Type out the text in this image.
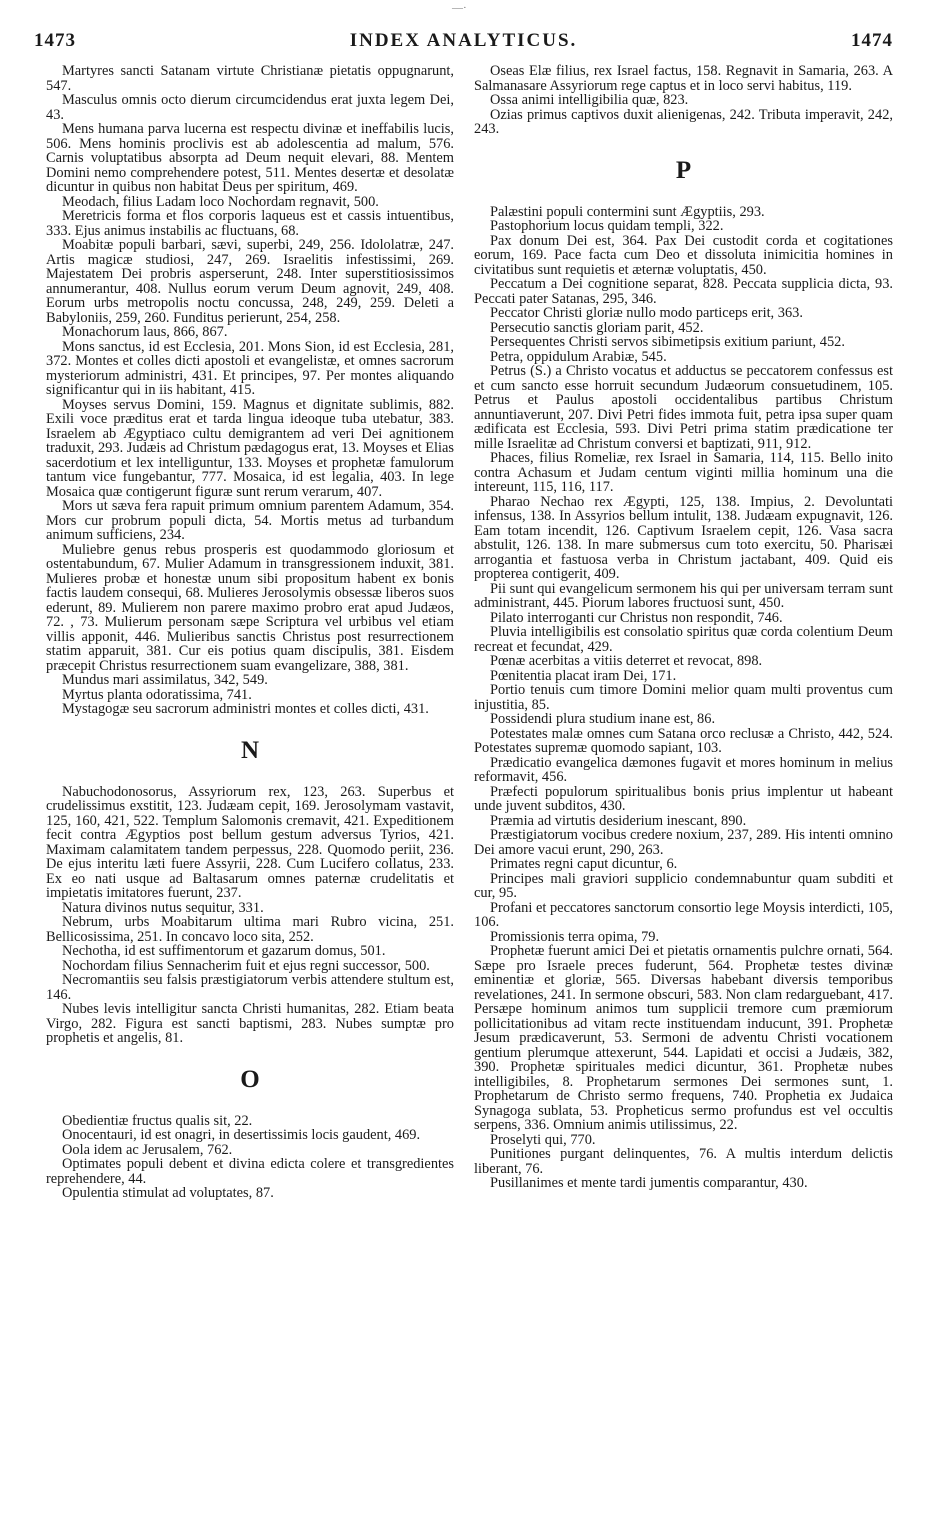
—·
INDEX ANALYTICUS.
1473	1474

Martyres sancti Satanam virtute Christianæ pietatis oppugnarunt, 547.

Masculus omnis octo dierum circumcidendus erat juxta legem Dei, 43.

Mens humana parva lucerna est respectu divinæ et ineffabilis lucis, 506. Mens hominis proclivis est ab adolescentia ad malum, 576. Carnis voluptatibus absorpta ad Deum nequit elevari, 88. Mentem Domini nemo comprehendere potest, 511. Mentes desertæ et desolatæ dicuntur in quibus non habitat Deus per spiritum, 469.

Meodach, filius Ladam loco Nochordam regnavit, 500.

Meretricis forma et flos corporis laqueus est et cassis intuentibus, 333. Ejus animus instabilis ac fluctuans, 68.

Moabitæ populi barbari, sævi, superbi, 249, 256. Idololatræ, 247. Artis magicæ studiosi, 247, 269. Israelitis infestissimi, 269. Majestatem Dei probris asperserunt, 248. Inter superstitiosissimos annumerantur, 408. Nullus eorum verum Deum agnovit, 249, 408. Eorum urbs metropolis noctu concussa, 248, 249, 259. Deleti a Babyloniis, 259, 260. Funditus perierunt, 254, 258.

Monachorum laus, 866, 867.

Mons sanctus, id est Ecclesia, 201. Mons Sion, id est Ecclesia, 281, 372. Montes et colles dicti apostoli et evangelistæ, et omnes sacrorum mysteriorum administri, 431. Et principes, 97. Per montes aliquando significantur qui in iis habitant, 415.

Moyses servus Domini, 159. Magnus et dignitate sublimis, 882. Exili voce præditus erat et tarda lingua ideoque tuba utebatur, 383. Israelem ab Ægyptiaco cultu demigrantem ad veri Dei agnitionem traduxit, 293. Judæis ad Christum pædagogus erat, 13. Moyses et Elias sacerdotium et lex intelliguntur, 133. Moyses et prophetæ famulorum tantum vice fungebantur, 777. Mosaica, id est legalia, 403. In lege Mosaica quæ contigerunt figuræ sunt rerum verarum, 407.

Mors ut sæva fera rapuit primum omnium parentem Adamum, 354. Mors cur probrum populi dicta, 54. Mortis metus ad turbandum animum sufficiens, 234.

Muliebre genus rebus prosperis est quodammodo gloriosum et ostentabundum, 67. Mulier Adamum in transgressionem induxit, 381. Mulieres probæ et honestæ unum sibi propositum habent ex bonis factis laudem consequi, 68. Mulieres Jerosolymis obsessæ liberos suos ederunt, 89. Mulierem non parere maximo probro erat apud Judæos, 72. , 73. Mulierum personam sæpe Scriptura vel urbibus vel etiam villis apponit, 446. Mulieribus sanctis Christus post resurrectionem statim apparuit, 381. Cur eis potius quam discipulis, 381. Eisdem præcepit Christus resurrectionem suam evangelizare, 388, 381.

Mundus mari assimilatus, 342, 549.

Myrtus planta odoratissima, 741.

Mystagogæ seu sacrorum administri montes et colles dicti, 431.

N

Nabuchodonosorus, Assyriorum rex, 123, 263. Superbus et crudelissimus exstitit, 123. Judæam cepit, 169. Jerosolymam vastavit, 125, 160, 421, 522. Templum Salomonis cremavit, 421. Expeditionem fecit contra Ægyptios post bellum gestum adversus Tyrios, 421. Maximam calamitatem tandem perpessus, 228. Quomodo periit, 236. De ejus interitu læti fuere Assyrii, 228. Cum Lucifero collatus, 233. Ex eo nati usque ad Baltasarum omnes paternæ crudelitatis et impietatis imitatores fuerunt, 237.

Natura divinos nutus sequitur, 331.

Nebrum, urbs Moabitarum ultima mari Rubro vicina, 251. Bellicosissima, 251. In concavo loco sita, 252.

Nechotha, id est suffimentorum et gazarum domus, 501.

Nochordam filius Sennacherim fuit et ejus regni successor, 500.

Necromantiis seu falsis præstigiatorum verbis attendere stultum est, 146.

Nubes levis intelligitur sancta Christi humanitas, 282. Etiam beata Virgo, 282. Figura est sancti baptismi, 283. Nubes sumptæ pro prophetis et angelis, 81.

O

Obedientiæ fructus qualis sit, 22.

Onocentauri, id est onagri, in desertissimis locis gaudent, 469.

Oola idem ac Jerusalem, 762.

Optimates populi debent et divina edicta colere et transgredientes reprehendere, 44.

Opulentia stimulat ad voluptates, 87.

Oseas Elæ filius, rex Israel factus, 158. Regnavit in Samaria, 263. A Salmanasare Assyriorum rege captus et in loco servi habitus, 119.

Ossa animi intelligibilia quæ, 823.

Ozias primus captivos duxit alienigenas, 242. Tributa imperavit, 242, 243.

P

Palæstini populi contermini sunt Ægyptiis, 293.

Pastophorium locus quidam templi, 322.

Pax donum Dei est, 364. Pax Dei custodit corda et cogitationes eorum, 169. Pace facta cum Deo et dissoluta inimicitia homines in civitatibus sunt requietis et æternæ voluptatis, 450.

Peccatum a Dei cognitione separat, 828. Peccata supplicia dicta, 93. Peccati pater Satanas, 295, 346.

Peccator Christi gloriæ nullo modo particeps erit, 363.

Persecutio sanctis gloriam parit, 452.

Persequentes Christi servos sibimetipsis exitium pariunt, 452.

Petra, oppidulum Arabiæ, 545.

Petrus (S.) a Christo vocatus et adductus se peccatorem confessus est et cum sancto esse horruit secundum Judæorum consuetudinem, 105. Petrus et Paulus apostoli occidentalibus partibus Christum annuntiaverunt, 207. Divi Petri fides immota fuit, petra ipsa super quam ædificata est Ecclesia, 593. Divi Petri prima statim prædicatione ter mille Israelitæ ad Christum conversi et baptizati, 911, 912.

Phaces, filius Romeliæ, rex Israel in Samaria, 114, 115. Bello inito contra Achasum et Judam centum viginti millia hominum una die intereunt, 115, 116, 117.

Pharao Nechao rex Ægypti, 125, 138. Impius, 2. Devoluntati infensus, 138. In Assyrios bellum intulit, 138. Judæam expugnavit, 126. Eam totam incendit, 126. Captivum Israelem cepit, 126. Vasa sacra abstulit, 126. 138. In mare submersus cum toto exercitu, 50. Pharisæi arrogantia et fastuosa verba in Christum jactabant, 409. Quid eis propterea contigerit, 409.

Pii sunt qui evangelicum sermonem his qui per universam terram sunt administrant, 445. Piorum labores fructuosi sunt, 450.

Pilato interroganti cur Christus non respondit, 746.

Pluvia intelligibilis est consolatio spiritus quæ corda colentium Deum recreat et fecundat, 429.

Pœnæ acerbitas a vitiis deterret et revocat, 898.

Pœnitentia placat iram Dei, 171.

Portio tenuis cum timore Domini melior quam multi proventus cum injustitia, 85.

Possidendi plura studium inane est, 86.

Potestates malæ omnes cum Satana orco reclusæ a Christo, 442, 524. Potestates supremæ quomodo sapiant, 103.

Prædicatio evangelica dæmones fugavit et mores hominum in melius reformavit, 456.

Præfecti populorum spiritualibus bonis prius implentur ut habeant unde juvent subditos, 430.

Præmia ad virtutis desiderium inescant, 890.

Præstigiatorum vocibus credere noxium, 237, 289. His intenti omnino Dei amore vacui erunt, 290, 263.

Primates regni caput dicuntur, 6.

Principes mali graviori supplicio condemnabuntur quam subditi et cur, 95.

Profani et peccatores sanctorum consortio lege Moysis interdicti, 105, 106.

Promissionis terra opima, 79.

Prophetæ fuerunt amici Dei et pietatis ornamentis pulchre ornati, 564. Sæpe pro Israele preces fuderunt, 564. Prophetæ testes divinæ eminentiæ et gloriæ, 565. Diversas habebant diversis temporibus revelationes, 241. In sermone obscuri, 583. Non clam redarguebant, 417. Persæpe hominum animos tum supplicii tremore cum præmiorum pollicitationibus ad vitam recte instituendam inducunt, 391. Prophetæ Jesum prædicaverunt, 53. Sermoni de adventu Christi vocationem gentium plerumque attexerunt, 544. Lapidati et occisi a Judæis, 382, 390. Prophetæ spirituales medici dicuntur, 361. Prophetæ nubes intelligibiles, 8. Prophetarum sermones Dei sermones sunt, 1. Prophetarum de Christo sermo frequens, 740. Prophetia ex Judaica Synagoga sublata, 53. Propheticus sermo profundus est vel occultis serpens, 336. Omnium animis utilissimus, 22.

Proselyti qui, 770.

Punitiones purgant delinquentes, 76. A multis interdum delictis liberant, 76.

Pusillanimes et mente tardi jumentis comparantur, 430.
